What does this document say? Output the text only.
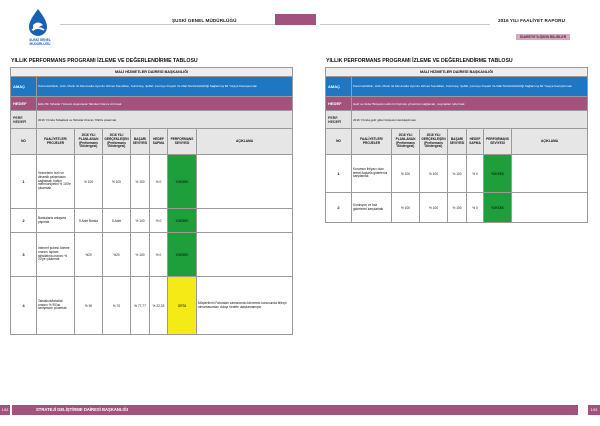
ŞUSKİ GENEL MÜDÜRLÜĞÜ
ŞUSKİ GENEL MÜDÜRLÜĞÜ
YILLIK PERFORMANS PROGRAMI İZLEME VE DEĞERLENDİRME TABLOSU
MALİ HİZMETLER DAİRESİ BAŞKANLIĞI							
AMAÇ	Kurumsal Etkin, Hızlı, Planlı Ve Mevzuatla Uyumlu Hizmet Sunabilen, Kurulmuş, Şeffaf, Çevreye Duyarlı Ve Mali Sürdürülebilirliği Sağlanmış Bir Yapıya Kavuşturmak						
HEDEF	Etkin Bir Tahsilat Yöntemi oluşturarak Tahsilat Oranını Artırmak						
PERF. HEDEFİ	2016 Yılında Tahakkuk ve Tahsilat Oranını %90'a çıkarmak						
NO	FAALİYETLER/ PROJELER	2016 YILI PLANLANAN (Performans Göstergesi)	2016 YILI GERÇEKLEŞEN (Performans Göstergesi)	BAŞARI SEVİYESİ	HEDEF SAPMA	PERFORMANS SEVİYESİ	AÇIKLAMA
1	Veznelerin hızlı ve dinamik çalışmasını sağlamak, halkın memnuniyetini % 100'e çıkarmak	% 100	% 100	% 100	% 0	YÜKSEK	
2	Bankalarla anlaşma yapmak	5 Adet Banka	5 Adet	% 100	% 0	YÜKSEK	
3	İnternet şubesi ödeme oranını toplam tahsilatına oranını % 20'ye çıkarmak	%20	%20	% 100	% 0	YÜKSEK	
4	Tahakkuk/tahsilat oranını % 90'lar seviyesine çıkarmak	% 90	% 70	% 77,77	% 22,33	ORTA	Müşterilerin Faturaları zamanında ödenmesi konusunda bilinçli olmamasından dolayı hedefe ulaşılamamıştır
192	STRATEJİ GELİŞTİRME DAİRESİ BAŞKANLIĞI
2016 YILI FAALİYET RAPORU
İDAREYE İLİŞKİN BİLGİLER
YILLIK PERFORMANS PROGRAMI İZLEME VE DEĞERLENDİRME TABLOSU
MALİ HİZMETLER DAİRESİ BAŞKANLIĞI							
AMAÇ	Kurumsal Etkin, Hızlı, Planlı Ve Mevzuatla Uyumlu Hizmet Sunabilen, Kurulmuş, Şeffaf, Çevreye Duyarlı Ve Mali Sürdürülebilirliği Sağlanmış Bir Yapıya Kavuşturmak						
HEDEF	Gelir ve Gider Bütçesini etkin bir biçimde yönetimini sağlamak , kaynakları tutturmak						
PERF. HEDEFİ	2016 Yılında gelir gider bütçesini denkleştirmek						
NO	FAALİYETLER/ PROJELER	2016 YILI PLANLANAN (Performans Göstergesi)	2016 YILI GERÇEKLEŞEN (Performans Göstergesi)	BAŞARI SEVİYESİ	HEDEF SAPMA	PERFORMANS SEVİYESİ	AÇIKLAMA
1	Kurumun ihtiyacı olan temel ilaçlarla giderlerini karşılamak	% 100	% 100	% 100	% 0	YÜKSEK	
2	Komisyon ve faiz giderlerini karşılamak	% 100	% 100	% 100	% 0	YÜKSEK	
193
